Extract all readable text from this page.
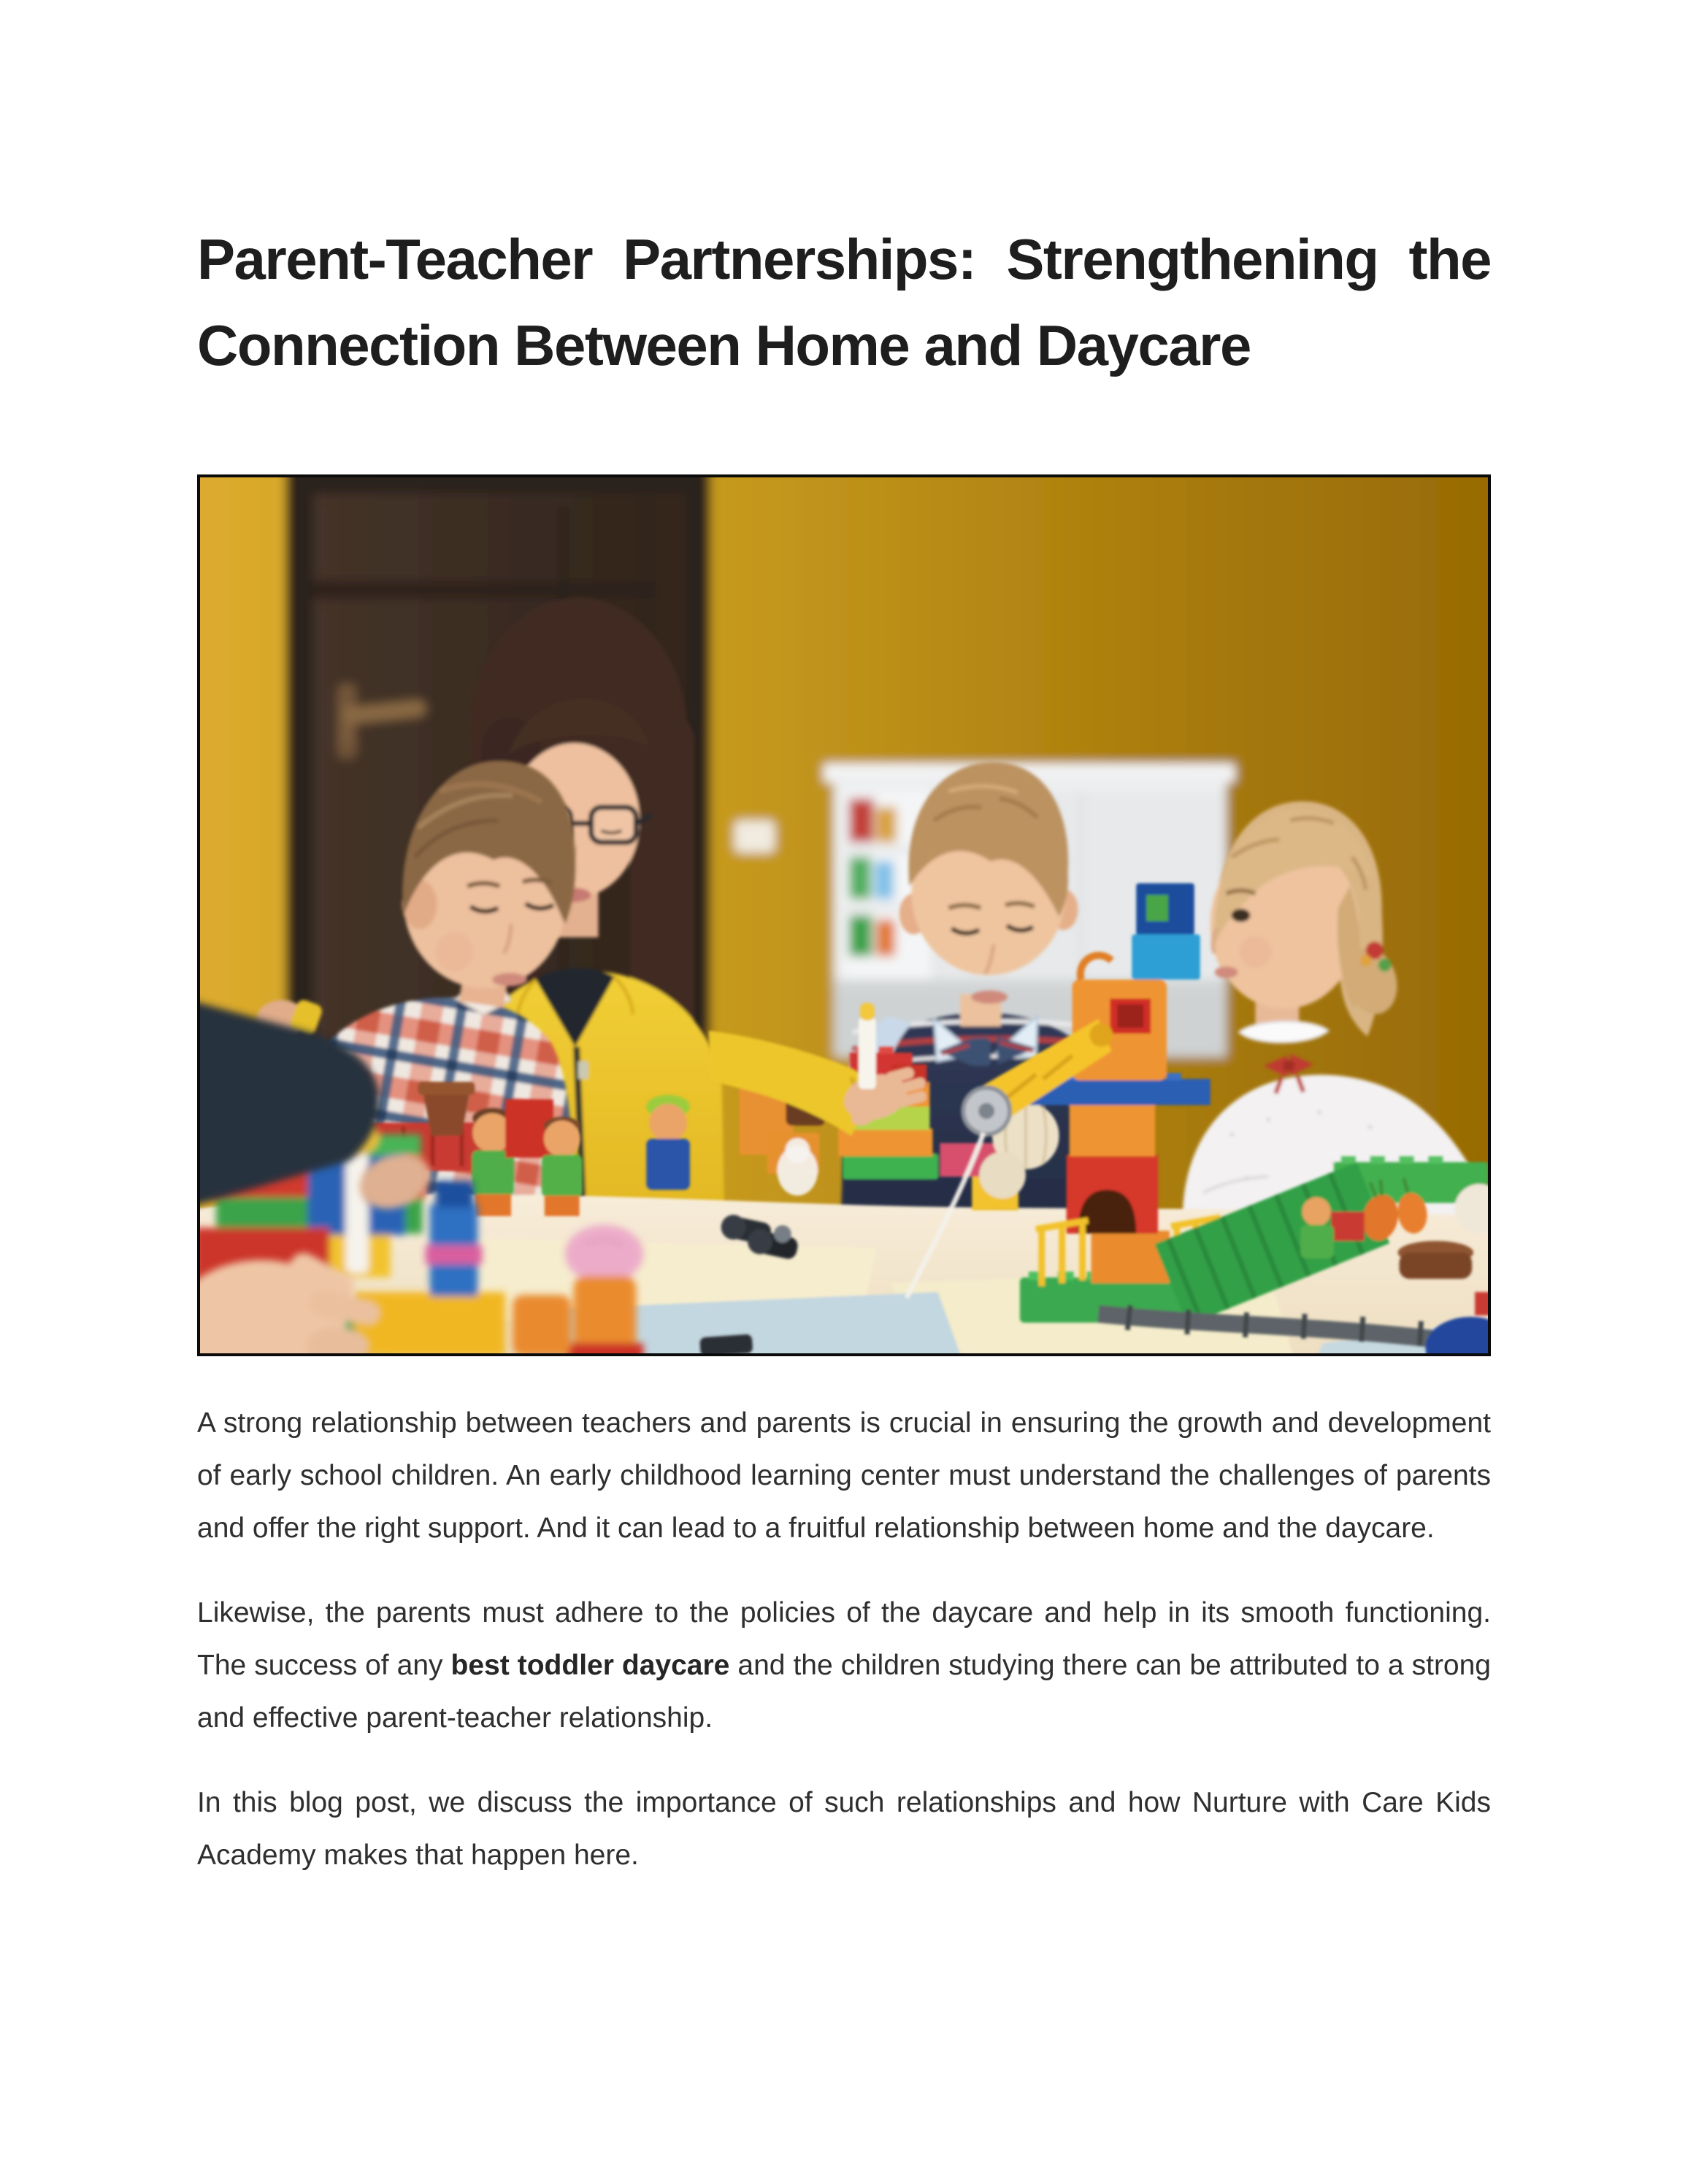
Parent-Teacher Partnerships: Strengthening the
Connection Between Home and Daycare

A strong relationship between teachers and parents is crucial in ensuring the growth and development of early school children. An early childhood learning center must understand the challenges of parents and offer the right support. And it can lead to a fruitful relationship between home and the daycare.

Likewise, the parents must adhere to the policies of the daycare and help in its smooth functioning. The success of any best toddler daycare and the children studying there can be attributed to a strong and effective parent-teacher relationship.

In this blog post, we discuss the importance of such relationships and how Nurture with Care Kids Academy makes that happen here.
